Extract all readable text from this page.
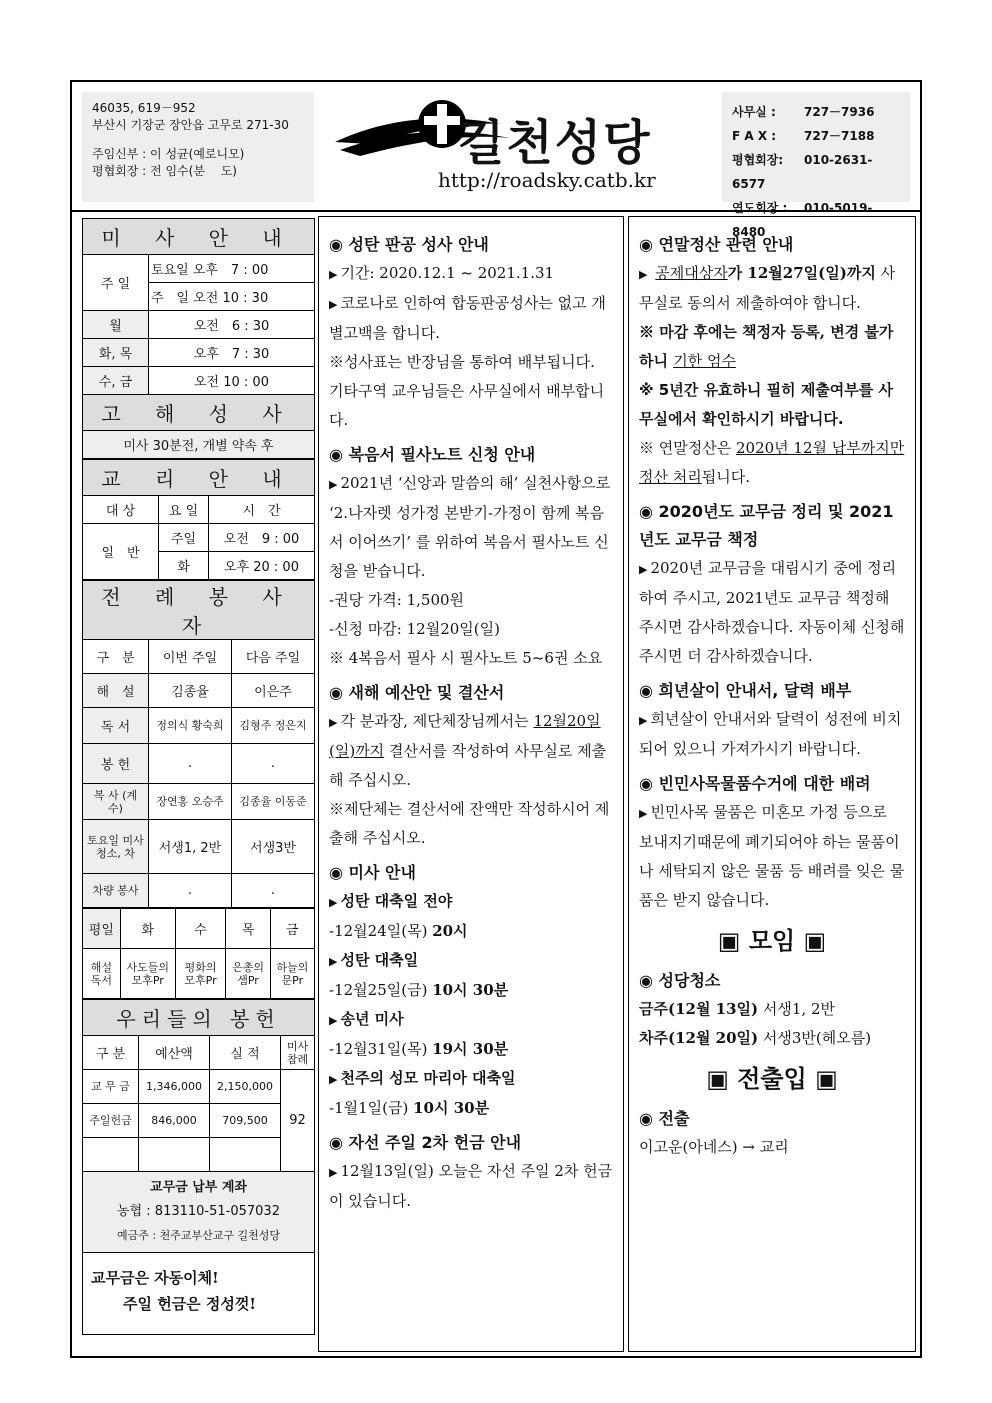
46035, 619－952
부산시 기장군 장안읍 고무로 271-30
주임신부 : 이 성균(예로니모)
평협회장 : 전 임수(분　 도)	길천성당
http://roadsky.catb.kr
사무실 : 727－7936
F A X : 727－7188
평협회장: 010-2631-6577
연도회장 : 010-5019-8480
미 사 안 내	
주 일	토요일 오후　7 : 00
	주　일 오전 10 : 30
월	오전　6 : 30
화, 목	오후　7 : 30
수, 금	오전 10 : 00
고 해 성 사	
미사 30분전, 개별 약속 후	
교 리 안 내		
대 상	요 일	시　간
일　반	주일	오전　9 : 00
	화	오후 20 : 00
전 례 봉 사 자		
구　분	이번 주일	다음 주일
해　설	김종율	이은주
독 서	정의식 황숙희	김형주 정은지
봉 헌	.	.
복 사 (계 수)	장연홍 오승주	김종율 이동준
토요일 미사 청소, 차	서생1, 2반	서생3반
차량 봉사	.	.
평일	화	수	목	금
해설 독서	사도들의모후Pr	평화의 모후Pr	은총의 샘Pr	하늘의 문Pr
우리들의 봉헌			
구 분	예산액	실 적	미사 참례
교 무 금	1,346,000	2,150,000	92
주일헌금	846,000	709,500	

교무금 납부 계좌
농협 : 813110-51-057032
예금주 : 천주교부산교구 길천성당
교무금은 자동이체!
주일 헌금은 정성껏!
◉ 성탄 판공 성사 안내

▶ 기간: 2020.12.1 ~ 2021.1.31

▶ 코로나로 인하여 합동판공성사는 없고 개별고백을 합니다.

※성사표는 반장님을 통하여 배부됩니다. 기타구역 교우님들은 사무실에서 배부합니다.

◉ 복음서 필사노트 신청 안내

▶ 2021년 ‘신앙과 말씀의 해’ 실천사항으로 ‘2.나자렛 성가정 본받기-가정이 함께 복음서 이어쓰기’ 를 위하여 복음서 필사노트 신청을 받습니다.

-권당 가격: 1,500원

-신청 마감: 12월20일(일)

※ 4복음서 필사 시 필사노트 5~6권 소요

◉ 새해 예산안 및 결산서

▶ 각 분과장, 제단체장님께서는 12월20일(일)까지 결산서를 작성하여 사무실로 제출해 주십시오.

※제단체는 결산서에 잔액만 작성하시어 제출해 주십시오.

◉ 미사 안내

▶ 성탄 대축일 전야

-12월24일(목) 20시

▶ 성탄 대축일

-12월25일(금) 10시 30분

▶ 송년 미사

-12월31일(목) 19시 30분

▶ 천주의 성모 마리아 대축일

-1월1일(금) 10시 30분

◉ 자선 주일 2차 헌금 안내

▶ 12월13일(일) 오늘은 자선 주일 2차 헌금이 있습니다.

◉ 연말정산 관련 안내

▶ 공제대상자가 12월27일(일)까지 사무실로 동의서 제출하여야 합니다.

※ 마감 후에는 책정자 등록, 변경 불가하니 기한 엄수

※ 5년간 유효하니 필히 제출여부를 사무실에서 확인하시기 바랍니다.

※ 연말정산은 2020년 12월 납부까지만 정산 처리됩니다.

◉ 2020년도 교무금 정리 및 2021년도 교무금 책정

▶ 2020년 교무금을 대림시기 중에 정리하여 주시고, 2021년도 교무금 책정해 주시면 감사하겠습니다. 자동이체 신청해 주시면 더 감사하겠습니다.

◉ 희년살이 안내서, 달력 배부

▶ 희년살이 안내서와 달력이 성전에 비치되어 있으니 가져가시기 바랍니다.

◉ 빈민사목물품수거에 대한 배려

▶ 빈민사목 물품은 미혼모 가정 등으로 보내지기때문에 폐기되어야 하는 물품이나 세탁되지 않은 물품 등 배려를 잊은 물품은 받지 않습니다.

▣ 모임 ▣
◉ 성당청소

금주(12월 13일) 서생1, 2반

차주(12월 20일) 서생3반(헤오름)

▣ 전출입 ▣
◉ 전출

이고운(아네스) → 교리
